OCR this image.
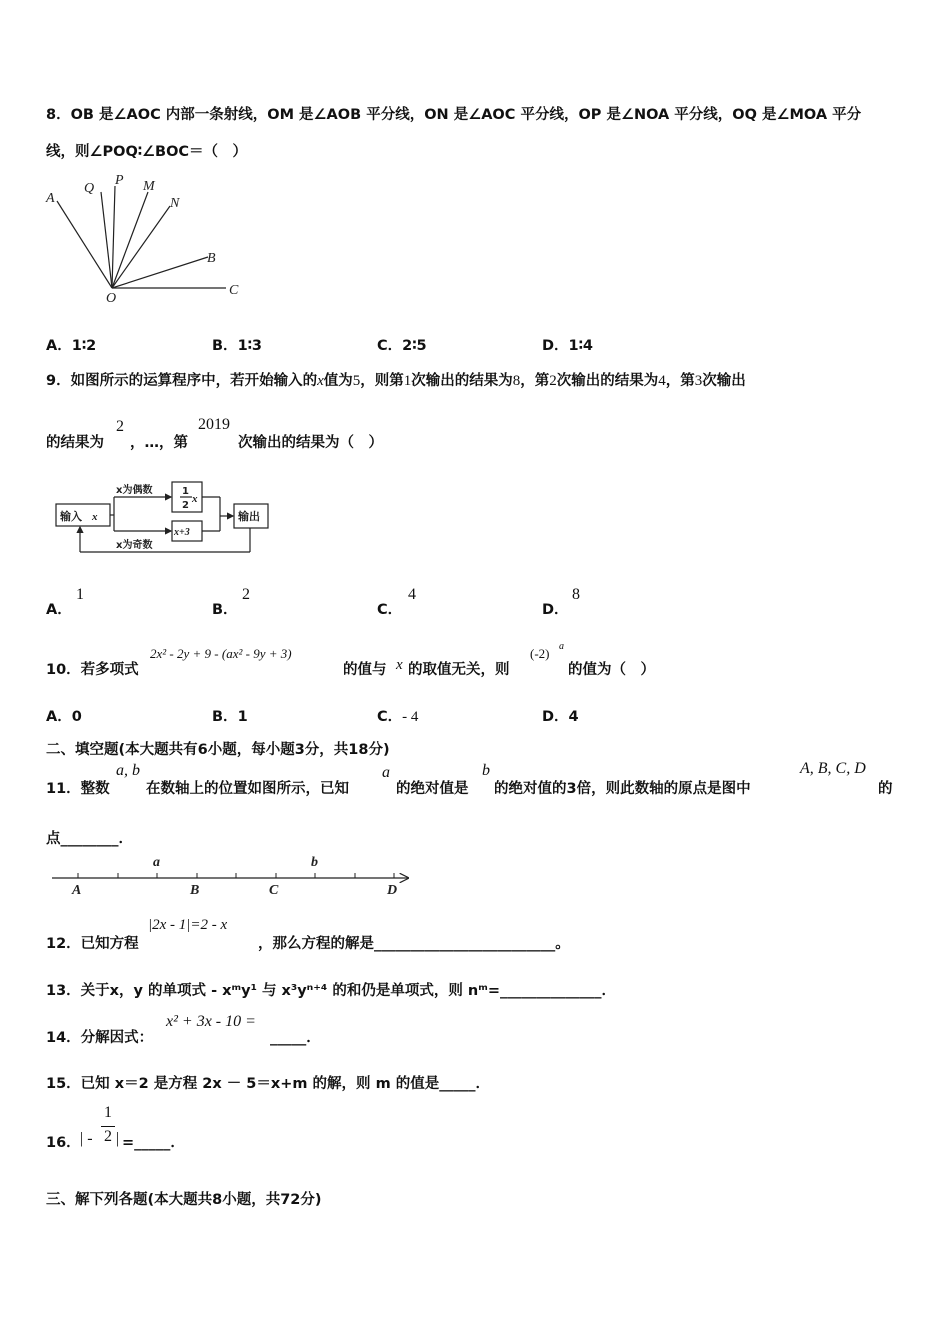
8．OB 是∠AOC 内部一条射线，OM 是∠AOB 平分线，ON 是∠AOC 平分线，OP 是∠NOA 平分线，OQ 是∠MOA 平分
线，则∠POQ∶∠BOC＝（　）
A
Q
P M
N
B
O
C
A．1∶2	B．1∶3	C．2∶5	D．1∶4
9．如图所示的运算程序中，若开始输入的x值为5，则第1次输出的结果为8，第2次输出的结果为4，第3次输出
的结果为
2
，…，第
2019
次输出的结果为（　）
输入 x
x为偶数
x为奇数
1
2
x
x+3
输出
A．
1
B．
2
C．
4
D．
8
10．若多项式
2x² - 2y + 9 - (ax² - 9y + 3)
的值与 x 的取值无关，则
(-2) a
的值为（　）
A．0	B．1	C．- 4	D．4
二、填空题(本大题共有6小题，每小题3分，共18分)
11．整数
a, b
在数轴上的位置如图所示，已知
a
的绝对值是
b
的绝对值的3倍，则此数轴的原点是图中
A, B, C, D
的
点________．
a	b
A	B	C	D
12．已知方程
|2x - 1|=2 - x
，那么方程的解是_________________________。
13．关于x，y 的单项式 - xᵐy¹ 与 x³yⁿ⁺⁴ 的和仍是单项式，则 nᵐ=______________．
14．分解因式：
x² + 3x - 10 =
_____．
15．已知 x＝2 是方程 2x － 5＝x+m 的解，则 m 的值是_____．
16． | -
1
2 | =_____．
三、解下列各题(本大题共8小题，共72分)
